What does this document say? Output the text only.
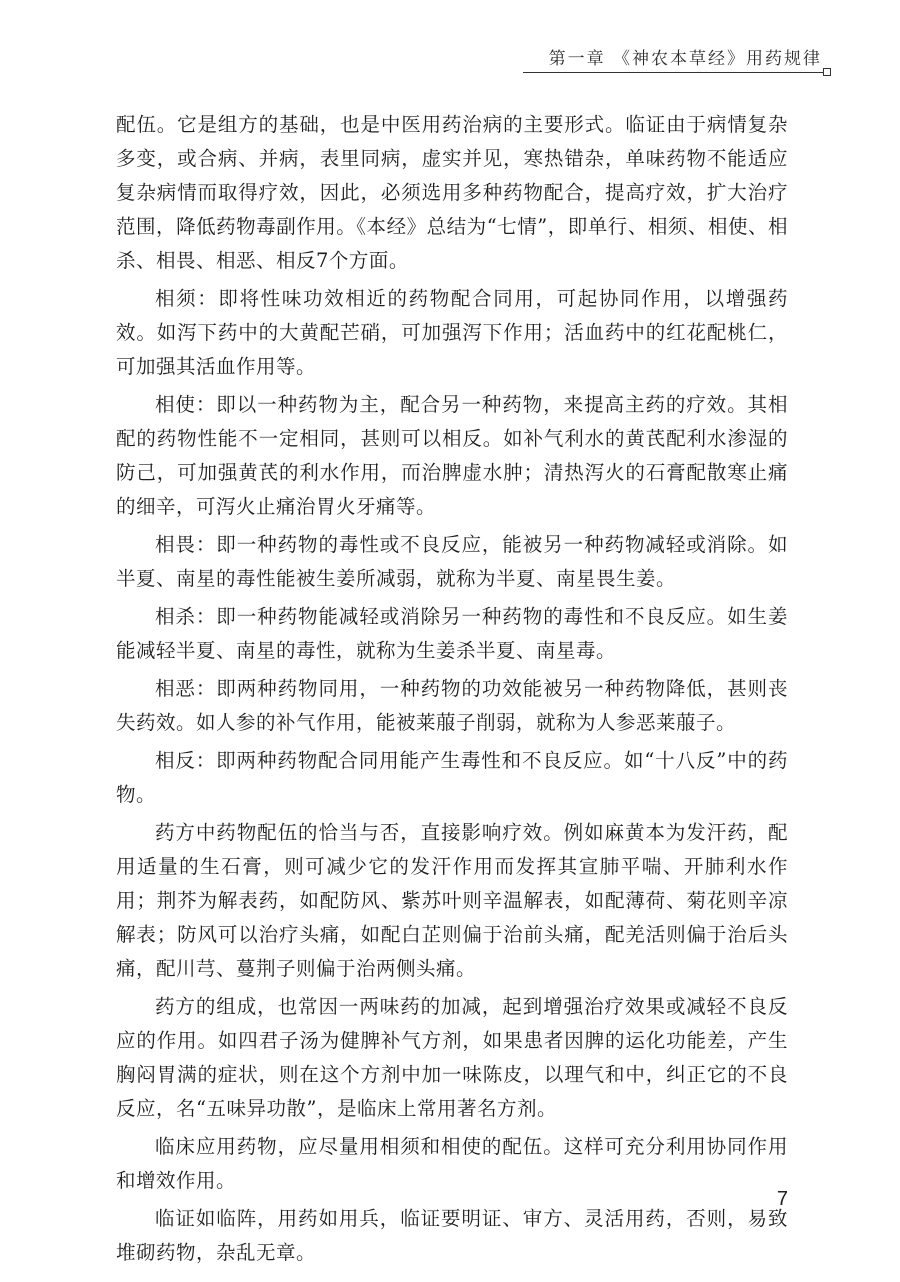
第一章 《神农本草经》用药规律

配伍。它是组方的基础，也是中医用药治病的主要形式。临证由于病情复杂多变，或合病、并病，表里同病，虚实并见，寒热错杂，单味药物不能适应复杂病情而取得疗效，因此，必须选用多种药物配合，提高疗效，扩大治疗范围，降低药物毒副作用。《本经》总结为“七情”，即单行、相须、相使、相杀、相畏、相恶、相反7个方面。

相须：即将性味功效相近的药物配合同用，可起协同作用，以增强药效。如泻下药中的大黄配芒硝，可加强泻下作用；活血药中的红花配桃仁，可加强其活血作用等。

相使：即以一种药物为主，配合另一种药物，来提高主药的疗效。其相配的药物性能不一定相同，甚则可以相反。如补气利水的黄芪配利水渗湿的防己，可加强黄芪的利水作用，而治脾虚水肿；清热泻火的石膏配散寒止痛的细辛，可泻火止痛治胃火牙痛等。

相畏：即一种药物的毒性或不良反应，能被另一种药物减轻或消除。如半夏、南星的毒性能被生姜所减弱，就称为半夏、南星畏生姜。

相杀：即一种药物能减轻或消除另一种药物的毒性和不良反应。如生姜能减轻半夏、南星的毒性，就称为生姜杀半夏、南星毒。

相恶：即两种药物同用，一种药物的功效能被另一种药物降低，甚则丧失药效。如人参的补气作用，能被莱菔子削弱，就称为人参恶莱菔子。

相反：即两种药物配合同用能产生毒性和不良反应。如“十八反”中的药物。

药方中药物配伍的恰当与否，直接影响疗效。例如麻黄本为发汗药，配用适量的生石膏，则可减少它的发汗作用而发挥其宣肺平喘、开肺利水作用；荆芥为解表药，如配防风、紫苏叶则辛温解表，如配薄荷、菊花则辛凉解表；防风可以治疗头痛，如配白芷则偏于治前头痛，配羌活则偏于治后头痛，配川芎、蔓荆子则偏于治两侧头痛。

药方的组成，也常因一两味药的加减，起到增强治疗效果或减轻不良反应的作用。如四君子汤为健脾补气方剂，如果患者因脾的运化功能差，产生胸闷胃满的症状，则在这个方剂中加一味陈皮，以理气和中，纠正它的不良反应，名“五味异功散”，是临床上常用著名方剂。

临床应用药物，应尽量用相须和相使的配伍。这样可充分利用协同作用和增效作用。

临证如临阵，用药如用兵，临证要明证、审方、灵活用药，否则，易致堆砌药物，杂乱无章。

7
